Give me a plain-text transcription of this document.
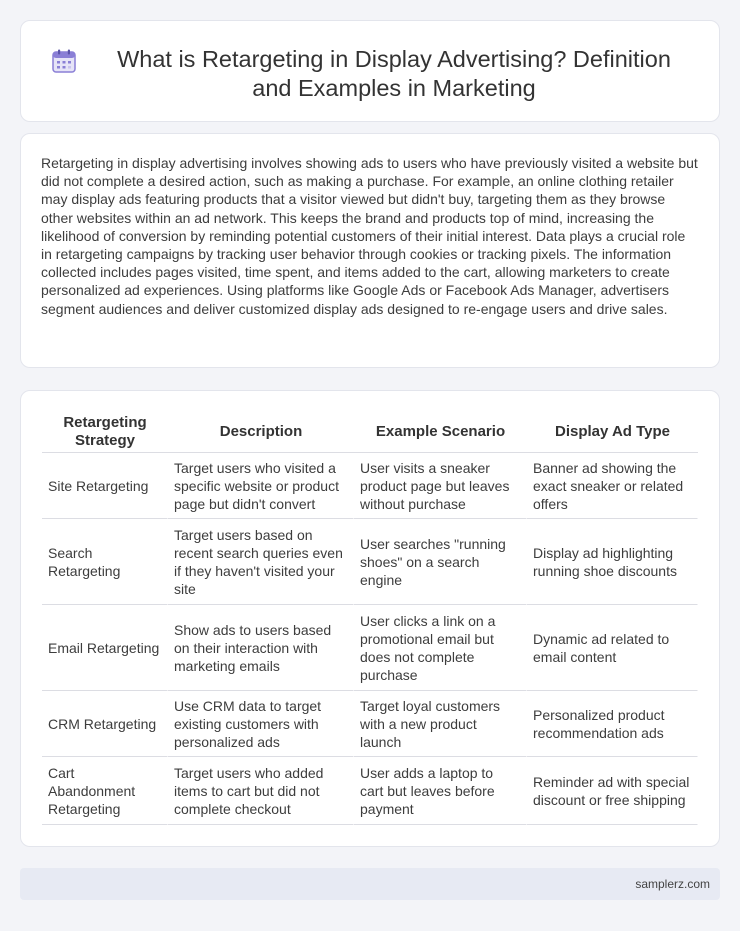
What is Retargeting in Display Advertising? Definition and Examples in Marketing

Retargeting in display advertising involves showing ads to users who have previously visited a website but did not complete a desired action, such as making a purchase. For example, an online clothing retailer may display ads featuring products that a visitor viewed but didn't buy, targeting them as they browse other websites within an ad network. This keeps the brand and products top of mind, increasing the likelihood of conversion by reminding potential customers of their initial interest. Data plays a crucial role in retargeting campaigns by tracking user behavior through cookies or tracking pixels. The information collected includes pages visited, time spent, and items added to the cart, allowing marketers to create personalized ad experiences. Using platforms like Google Ads or Facebook Ads Manager, advertisers segment audiences and deliver customized display ads designed to re-engage users and drive sales.

Retargeting Strategy	Description	Example Scenario	Display Ad Type
Site Retargeting	Target users who visited a specific website or product page but didn't convert	User visits a sneaker product page but leaves without purchase	Banner ad showing the exact sneaker or related offers
Search Retargeting	Target users based on recent search queries even if they haven't visited your site	User searches "running shoes" on a search engine	Display ad highlighting running shoe discounts
Email Retargeting	Show ads to users based on their interaction with marketing emails	User clicks a link on a promotional email but does not complete purchase	Dynamic ad related to email content
CRM Retargeting	Use CRM data to target existing customers with personalized ads	Target loyal customers with a new product launch	Personalized product recommendation ads
Cart Abandonment Retargeting	Target users who added items to cart but did not complete checkout	User adds a laptop to cart but leaves before payment	Reminder ad with special discount or free shipping
samplerz.com
